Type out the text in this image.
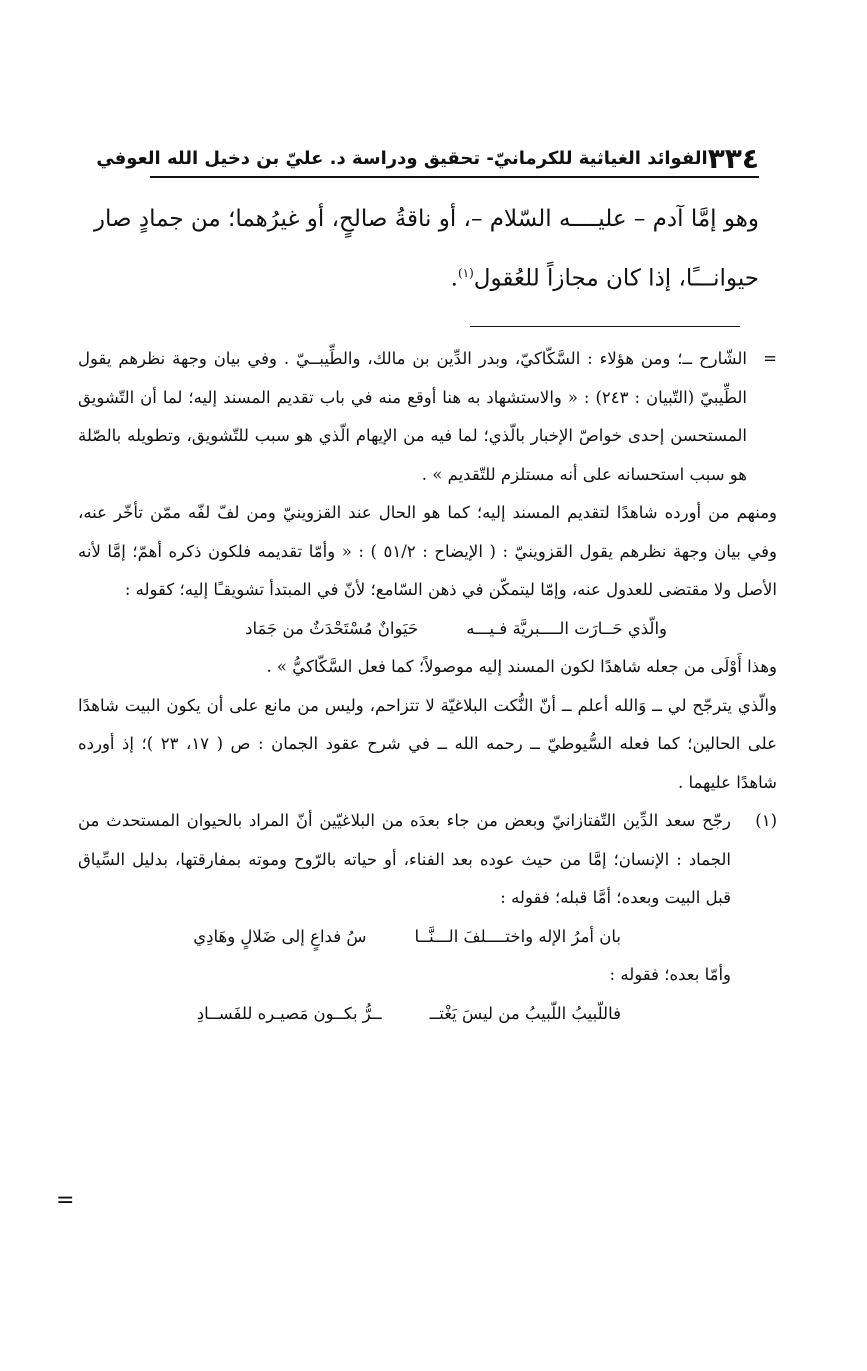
٣٣٤
الفوائد الغياثية للكرمانيّ- تحقيق ودراسة د. عليّ بن دخيل الله العوفي

وهو إمَّا آدم – عليــــه السّلام –، أو ناقةُ صالحٍ، أو غيرُهما؛ من جمادٍ صار

حيوانـــًا، إذا كان مجازاً للعُقول$^{(١)}$.

=

الشّارح ــ؛ ومن هؤلاء : السَّكّاكيّ، وبدر الدِّين بن مالك، والطِّيبــيّ . وفي بيان وجهة نظرهم يقول الطِّيبيّ (التّبيان : ٢٤٣) : « والاستشهاد به هنا أوقع منه في باب تقديم المسند إليه؛ لما أن التّشويق المستحسن إحدى خواصّ الإخبار بالّذي؛ لما فيه من الإيهام الّذي هو سبب للتّشويق، وتطويله بالصّلة هو سبب استحسانه على أنه مستلزم للتّقديم » .

ومنهم من أورده شاهدًا لتقديم المسند إليه؛ كما هو الحال عند القزوينيّ ومن لفّ لفّه ممّن تأخّر عنه، وفي بيان وجهة نظرهم يقول القزوينيّ : ( الإيضاح : ٥١/٢ ) : « وأمّا تقديمه فلكون ذكره أهمّ؛ إمَّا لأنه الأصل ولا مقتضى للعدول عنه، وإمّا ليتمكّن في ذهن السّامع؛ لأنّ في المبتدأ تشويقـًا إليه؛ كقوله :

والّذي حَــارَت الــــبريَّة فـيـــه
حَيَوانٌ مُسْتَحْدَثٌ من جَمَاد

وهذا أَوْلَى من جعله شاهدًا لكون المسند إليه موصولاً؛ كما فعل السَّكّاكيُّ » .

والّذي يترجّح لي ــ وَالله أعلم ــ أنّ النُّكت البلاغيّة لا تتزاحم، وليس من مانع على أن يكون البيت شاهدًا على الحالين؛ كما فعله السُّيوطيّ ــ رحمه الله ــ في شرح عقود الجمان : ص ( ١٧، ٢٣ )؛ إذ أورده شاهدًا عليهما .

(١)

رجّح سعد الدِّين التّفتازانيّ وبعض من جاء بعدَه من البلاغيّين أنّ المراد بالحيوان المستحدث من الجماد : الإنسان؛ إمَّا من حيث عوده بعد الفناء، أو حياته بالرّوح وموته بمفارقتها، بدليل السِّياق قبل البيت وبعده؛ أمَّا قبله؛ فقوله :

بان أمرُ الإله واختــــلفَ الـــنَّــا
سُ فداعٍ إلى ضَلالٍ وهَادِي

وأمّا بعده؛ فقوله :

فاللّبيبُ اللّبيبُ من ليسَ يَغْتــ
ــرُّ بكــون مَصيـره للفَســادِ
=
